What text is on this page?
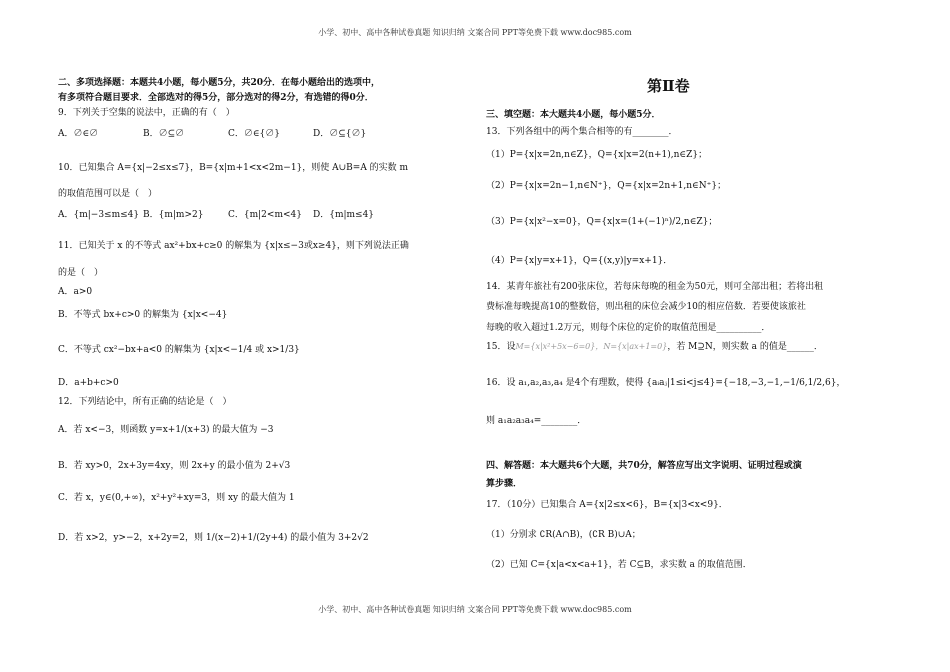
小学、初中、高中各种试卷真题 知识归纳 文案合同 PPT等免费下载 www.doc985.com
二、多项选择题：本题共4小题，每小题5分，共20分．在每小题给出的选项中，
有多项符合题目要求．全部选对的得5分，部分选对的得2分，有选错的得0分．
9．下列关于空集的说法中，正确的有（　）
A．∅∈∅	B．∅⊆∅	C．∅∈{∅}	D．∅⊆{∅}
10．已知集合 A={x|−2≤x≤7}，B={x|m+1<x<2m−1}，则使 A∪B=A 的实数 m
的取值范围可以是（　）
A．{m|−3≤m≤4} B．{m|m>2}	C．{m|2<m<4} D．{m|m≤4}
11．已知关于 x 的不等式 ax²+bx+c≥0 的解集为 {x|x≤−3或x≥4}，则下列说法正确
的是（　）
A．a>0
B．不等式 bx+c>0 的解集为 {x|x<−4}
C．不等式 cx²−bx+a<0 的解集为 {x|x<−1/4 或 x>1/3}
D．a+b+c>0
12．下列结论中，所有正确的结论是（　）
A．若 x<−3，则函数 y=x+1/(x+3) 的最大值为 −3
B．若 xy>0，2x+3y=4xy，则 2x+y 的最小值为 2+√3
C．若 x，y∈(0,+∞)，x²+y²+xy=3，则 xy 的最大值为 1
D．若 x>2，y>−2，x+2y=2，则 1/(x−2)+1/(2y+4) 的最小值为 3+2√2
第Ⅱ卷
三、填空题：本大题共4小题，每小题5分．
13．下列各组中的两个集合相等的有________．
（1）P={x|x=2n,n∈Z}，Q={x|x=2(n+1),n∈Z}；
（2）P={x|x=2n−1,n∈N⁺}，Q={x|x=2n+1,n∈N⁺}；
（3）P={x|x²−x=0}，Q={x|x=(1+(−1)ⁿ)/2,n∈Z}；
（4）P={x|y=x+1}，Q={(x,y)|y=x+1}．
14．某青年旅社有200张床位，若每床每晚的租金为50元，则可全部出租；若将出租
费标准每晚提高10的整数倍，则出租的床位会减少10的相应倍数．若要使该旅社
每晚的收入超过1.2万元，则每个床位的定价的取值范围是__________．
15．设M={x|x²+5x−6=0}，N={x|ax+1=0}，若 M⊇N，则实数 a 的值是______．
16．设 a₁,a₂,a₃,a₄ 是4个有理数，使得 {aᵢaⱼ|1≤i<j≤4}={−18,−3,−1,−1/6,1/2,6}，
则 a₁a₂a₃a₄=________．
四、解答题：本大题共6个大题，共70分，解答应写出文字说明、证明过程或演
算步骤．
17．（10分）已知集合 A={x|2≤x<6}，B={x|3<x<9}．
（1）分别求 ∁R(A∩B)，(∁R B)∪A；
（2）已知 C={x|a<x<a+1}，若 C⊆B，求实数 a 的取值范围．
小学、初中、高中各种试卷真题 知识归纳 文案合同 PPT等免费下载 www.doc985.com
